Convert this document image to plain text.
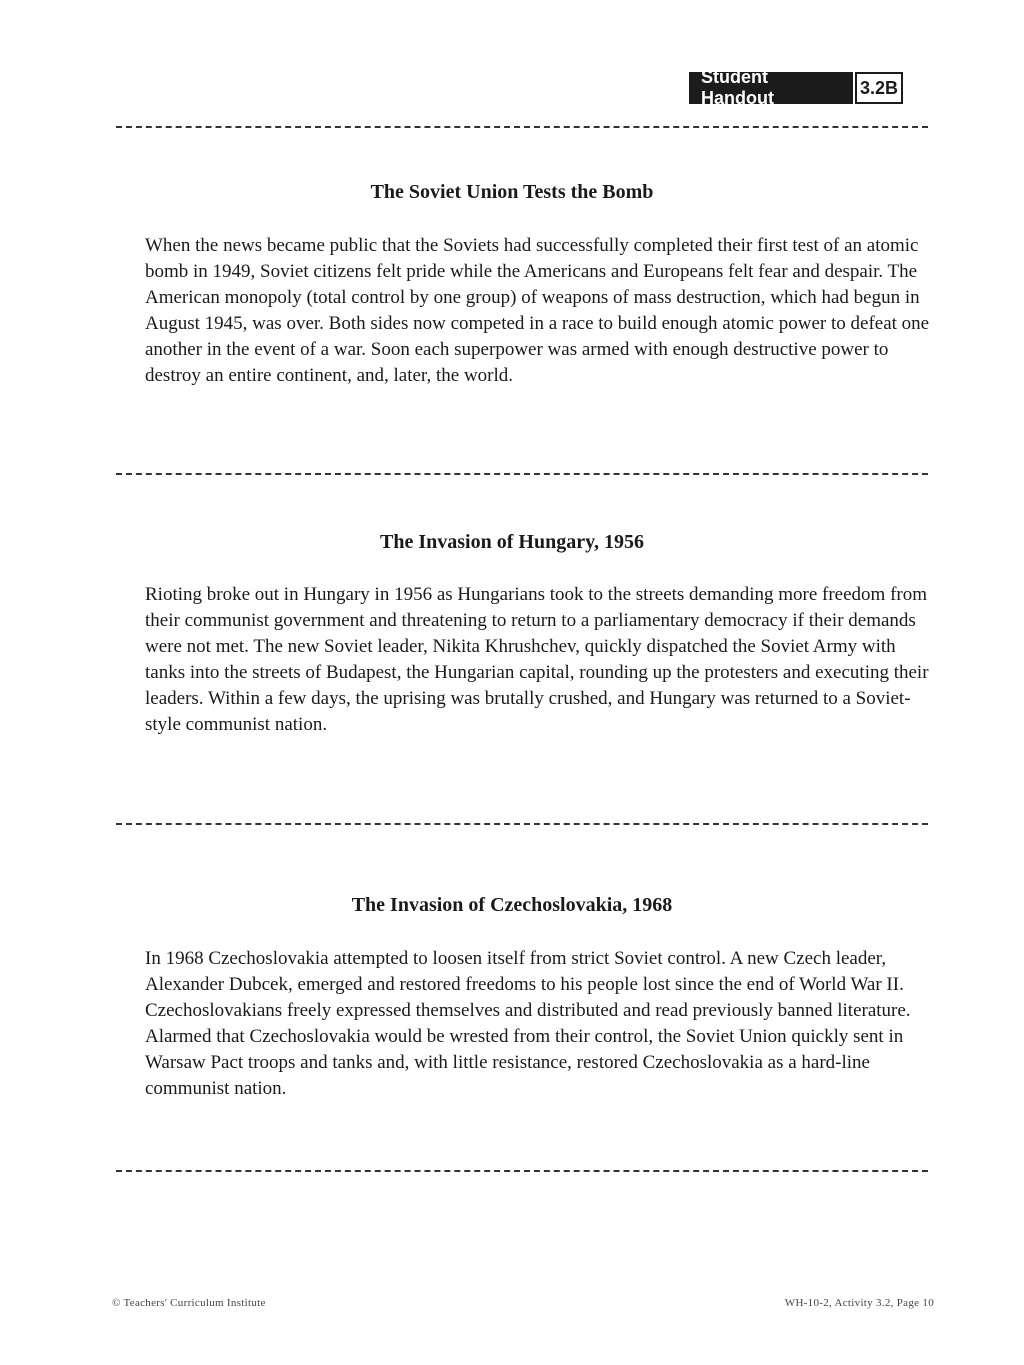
Student Handout
3.2B
The Soviet Union Tests the Bomb

When the news became public that the Soviets had successfully completed their first test of an atomic bomb in 1949, Soviet citizens felt pride while the Americans and Europeans felt fear and despair. The American monopoly (total control by one group) of weapons of mass destruction, which had begun in August 1945, was over. Both sides now competed in a race to build enough atomic power to defeat one another in the event of a war. Soon each superpower was armed with enough destructive power to destroy an entire continent, and, later, the world.

The Invasion of Hungary, 1956

Rioting broke out in Hungary in 1956 as Hungarians took to the streets demanding more freedom from their communist government and threatening to return to a parliamentary democracy if their demands were not met. The new Soviet leader, Nikita Khrushchev, quickly dispatched the Soviet Army with tanks into the streets of Budapest, the Hungarian capital, rounding up the protesters and executing their leaders. Within a few days, the uprising was brutally crushed, and Hungary was returned to a Soviet-style communist nation.

The Invasion of Czechoslovakia, 1968

In 1968 Czechoslovakia attempted to loosen itself from strict Soviet control. A new Czech leader, Alexander Dubcek, emerged and restored freedoms to his people lost since the end of World War II. Czechoslovakians freely expressed themselves and distributed and read previously banned literature. Alarmed that Czechoslovakia would be wrested from their control, the Soviet Union quickly sent in Warsaw Pact troops and tanks and, with little resistance, restored Czechoslovakia as a hard-line communist nation.

© Teachers' Curriculum Institute	WH-10-2, Activity 3.2, Page 10
